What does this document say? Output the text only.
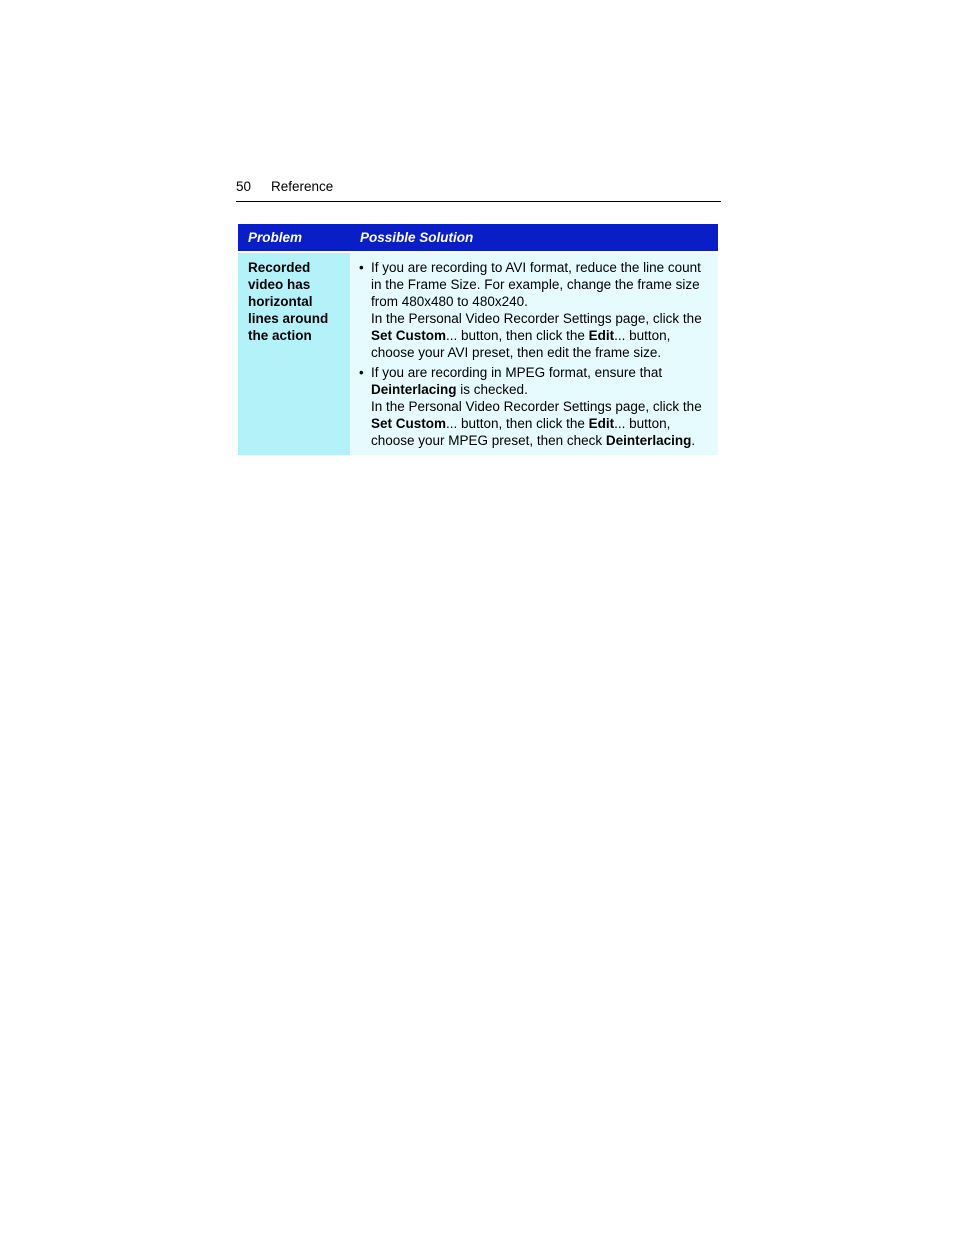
50 Reference
Problem	Possible Solution
Recorded video has horizontal lines around the action
• If you are recording to AVI format, reduce the line count in the Frame Size. For example, change the frame size from 480x480 to 480x240.
In the Personal Video Recorder Settings page, click the Set Custom... button, then click the Edit... button, choose your AVI preset, then edit the frame size.
• If you are recording in MPEG format, ensure that Deinterlacing is checked.
In the Personal Video Recorder Settings page, click the Set Custom... button, then click the Edit... button, choose your MPEG preset, then check Deinterlacing.
